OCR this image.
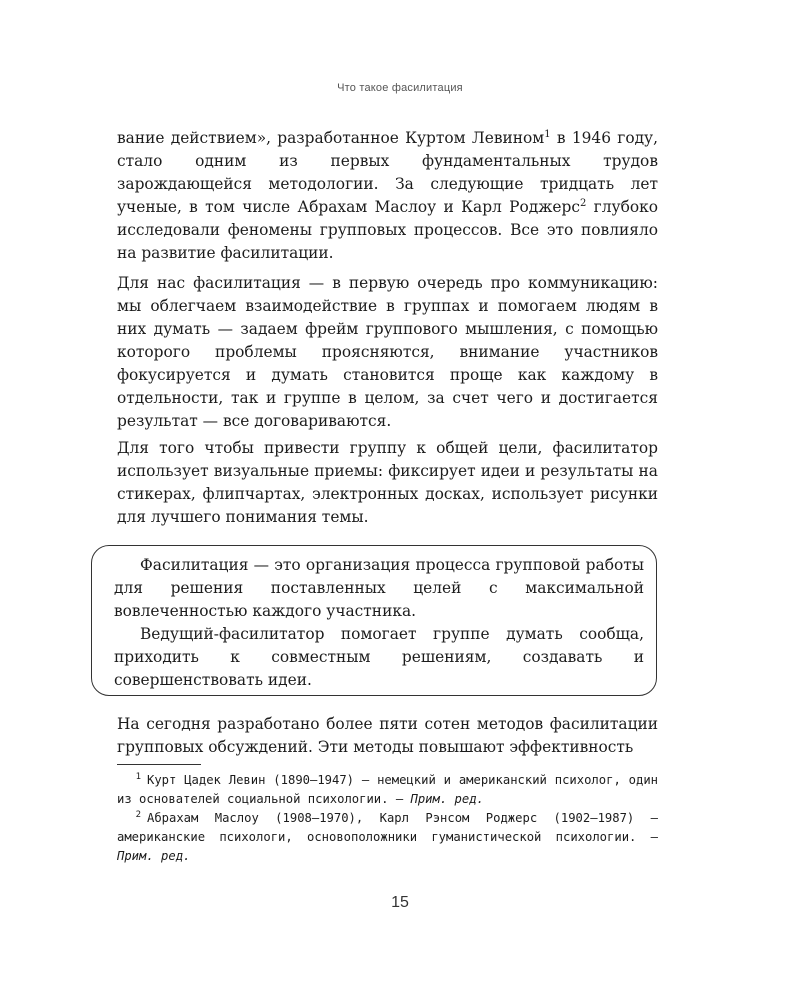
Что такое фасилитация

вание действием», разработанное Куртом Левином$^1$ в 1946 году, стало одним из первых фундаментальных трудов зарождающейся методологии. За следующие тридцать лет ученые, в том числе Абрахам Маслоу и Карл Роджерс$^2$ глубоко исследовали феномены групповых процессов. Все это повлияло на развитие фасилитации.

Для нас фасилитация — в первую очередь про коммуникацию: мы облегчаем взаимодействие в группах и помогаем людям в них думать — задаем фрейм группового мышления, с помощью которого проблемы проясняются, внимание участников фокусируется и думать становится проще как каждому в отдельности, так и группе в целом, за счет чего и достигается результат — все договариваются.

Для того чтобы привести группу к общей цели, фасилитатор использует визуальные приемы: фиксирует идеи и результаты на стикерах, флипчартах, электронных досках, использует рисунки для лучшего понимания темы.

Фасилитация — это организация процесса групповой работы для решения поставленных целей с максимальной вовлеченностью каждого участника.

Ведущий-фасилитатор помогает группе думать сообща, приходить к совместным решениям, создавать и совершенствовать идеи.

На сегодня разработано более пяти сотен методов фасилитации групповых обсуждений. Эти методы повышают эффективность

1 Курт Цадек Левин (1890–1947) — немецкий и американский психолог, один из основателей социальной психологии. — Прим. ред.

2 Абрахам Маслоу (1908–1970), Карл Рэнсом Роджерс (1902–1987) — американские психологи, основоположники гуманистической психологии. — Прим. ред.

15
